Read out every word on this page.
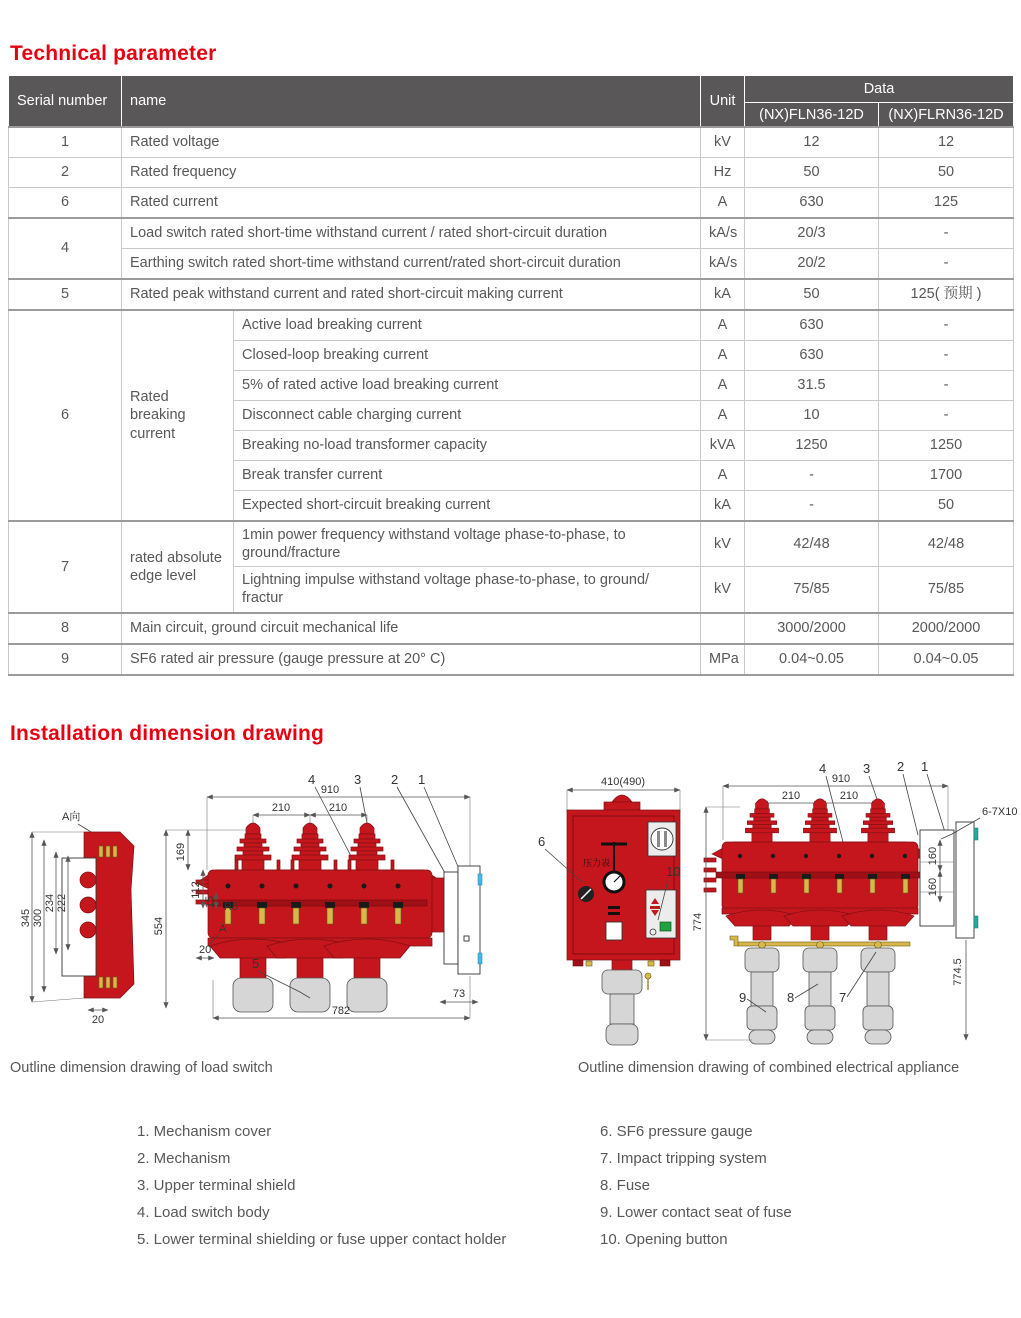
Technical parameter
Serial number	name		Unit	Data	
				(NX)FLN36-12D	(NX)FLRN36-12D
1	Rated voltage		kV	12	12
2	Rated frequency		Hz	50	50
6	Rated current		A	630	125
4	Load switch rated short-time withstand current / rated short-circuit duration		kA/s	20/3	-
	Earthing switch rated short-time withstand current/rated short-circuit duration		kA/s	20/2	-
5	Rated peak withstand current and rated short-circuit making current		kA	50	125( 预期 )
6	Rated breaking current	Active load breaking current	A	630	-
		Closed-loop breaking current	A	630	-
		5% of rated active load breaking current	A	31.5	-
		Disconnect cable charging current	A	10	-
		Breaking no-load transformer capacity	kVA	1250	1250
		Break transfer current	A	-	1700
		Expected short-circuit breaking current	kA	-	50
7	rated absolute edge level	1min power frequency withstand voltage phase-to-phase, to ground/fracture	kV	42/48	42/48
		Lightning impulse withstand voltage phase-to-phase, to ground/ fractur	kV	75/85	75/85
8	Main circuit, ground circuit mechanical life			3000/2000	2000/2000
9	SF6 rated air pressure (gauge pressure at 20° C)		MPa	0.04~0.05	0.04~0.05
Installation dimension drawing
A向
345 300
234 222
20
4	3 2 1
910
210	210
554
169
112
15 R5
20
A
5
782
73
410(490)
压力表
6
10
4	3 2 1
910
210	210
160
160
774.5
6-7X10
774
9	8	7
Outline dimension drawing of load switch	Outline dimension drawing of combined electrical appliance
1. Mechanism cover
2. Mechanism
3. Upper terminal shield
4. Load switch body
5. Lower terminal shielding or fuse upper contact holder
6. SF6 pressure gauge
7. Impact tripping system
8. Fuse
9. Lower contact seat of fuse
10. Opening button
